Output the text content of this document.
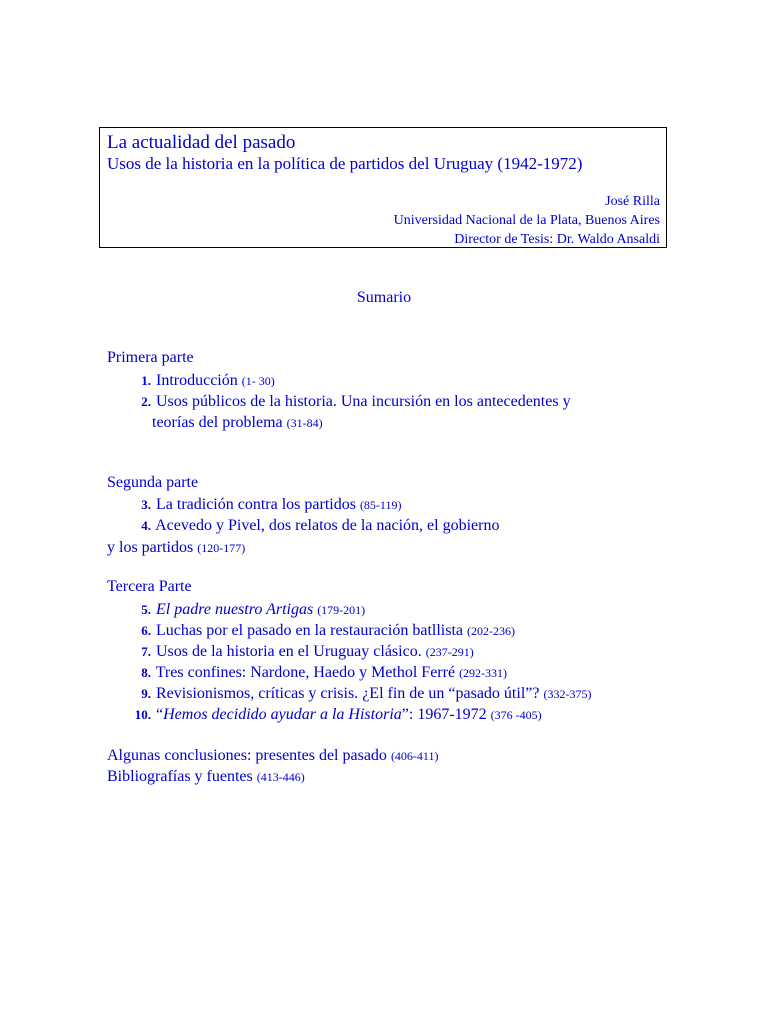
La actualidad del pasado
Usos de la historia en la política de partidos del Uruguay (1942-1972)
José Rilla
Universidad Nacional de la Plata, Buenos Aires
Director de Tesis: Dr. Waldo Ansaldi
Sumario
Primera parte
1. Introducción (1- 30)
2. Usos públicos de la historia. Una incursión en los antecedentes y
teorías del problema (31-84)
Segunda parte
3. La tradición contra los partidos (85-119)
4. Acevedo y Pivel, dos relatos de la nación, el gobierno
y los partidos (120-177)
Tercera Parte
5. El padre nuestro Artigas (179-201)
6. Luchas por el pasado en la restauración batllista (202-236)
7. Usos de la historia en el Uruguay clásico. (237-291)
8. Tres confines: Nardone, Haedo y Methol Ferré (292-331)
9. Revisionismos, críticas y crisis. ¿El fin de un “pasado útil”? (332-375)
10. “Hemos decidido ayudar a la Historia”: 1967-1972 (376 -405)
Algunas conclusiones: presentes del pasado (406-411)
Bibliografías y fuentes (413-446)
